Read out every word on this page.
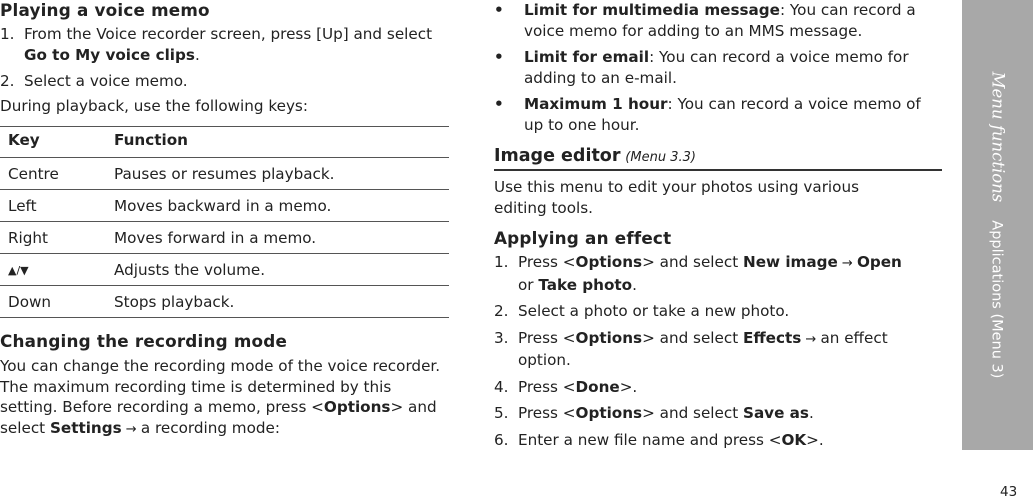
Playing a voice memo
1. From the Voice recorder screen, press [Up] and select Go to My voice clips.
2. Select a voice memo.
During playback, use the following keys:
Key	Function
Centre	Pauses or resumes playback.
Left	Moves backward in a memo.
Right	Moves forward in a memo.
▲/▼	Adjusts the volume.
Down	Stops playback.
Changing the recording mode
You can change the recording mode of the voice recorder. The maximum recording time is determined by this setting. Before recording a memo, press <Options> and select Settings → a recording mode:
• Limit for multimedia message: You can record a voice memo for adding to an MMS message.
• Limit for email: You can record a voice memo for adding to an e-mail.
• Maximum 1 hour: You can record a voice memo of up to one hour.
Image editor (Menu 3.3)
Use this menu to edit your photos using various editing tools.
Applying an effect
1. Press <Options> and select New image → Open
or Take photo.
2. Select a photo or take a new photo.
3. Press <Options> and select Effects → an effect option.
4. Press <Done>.
5. Press <Options> and select Save as.
6. Enter a new file name and press <OK>.
Menu functionsApplications (Menu 3)
43
